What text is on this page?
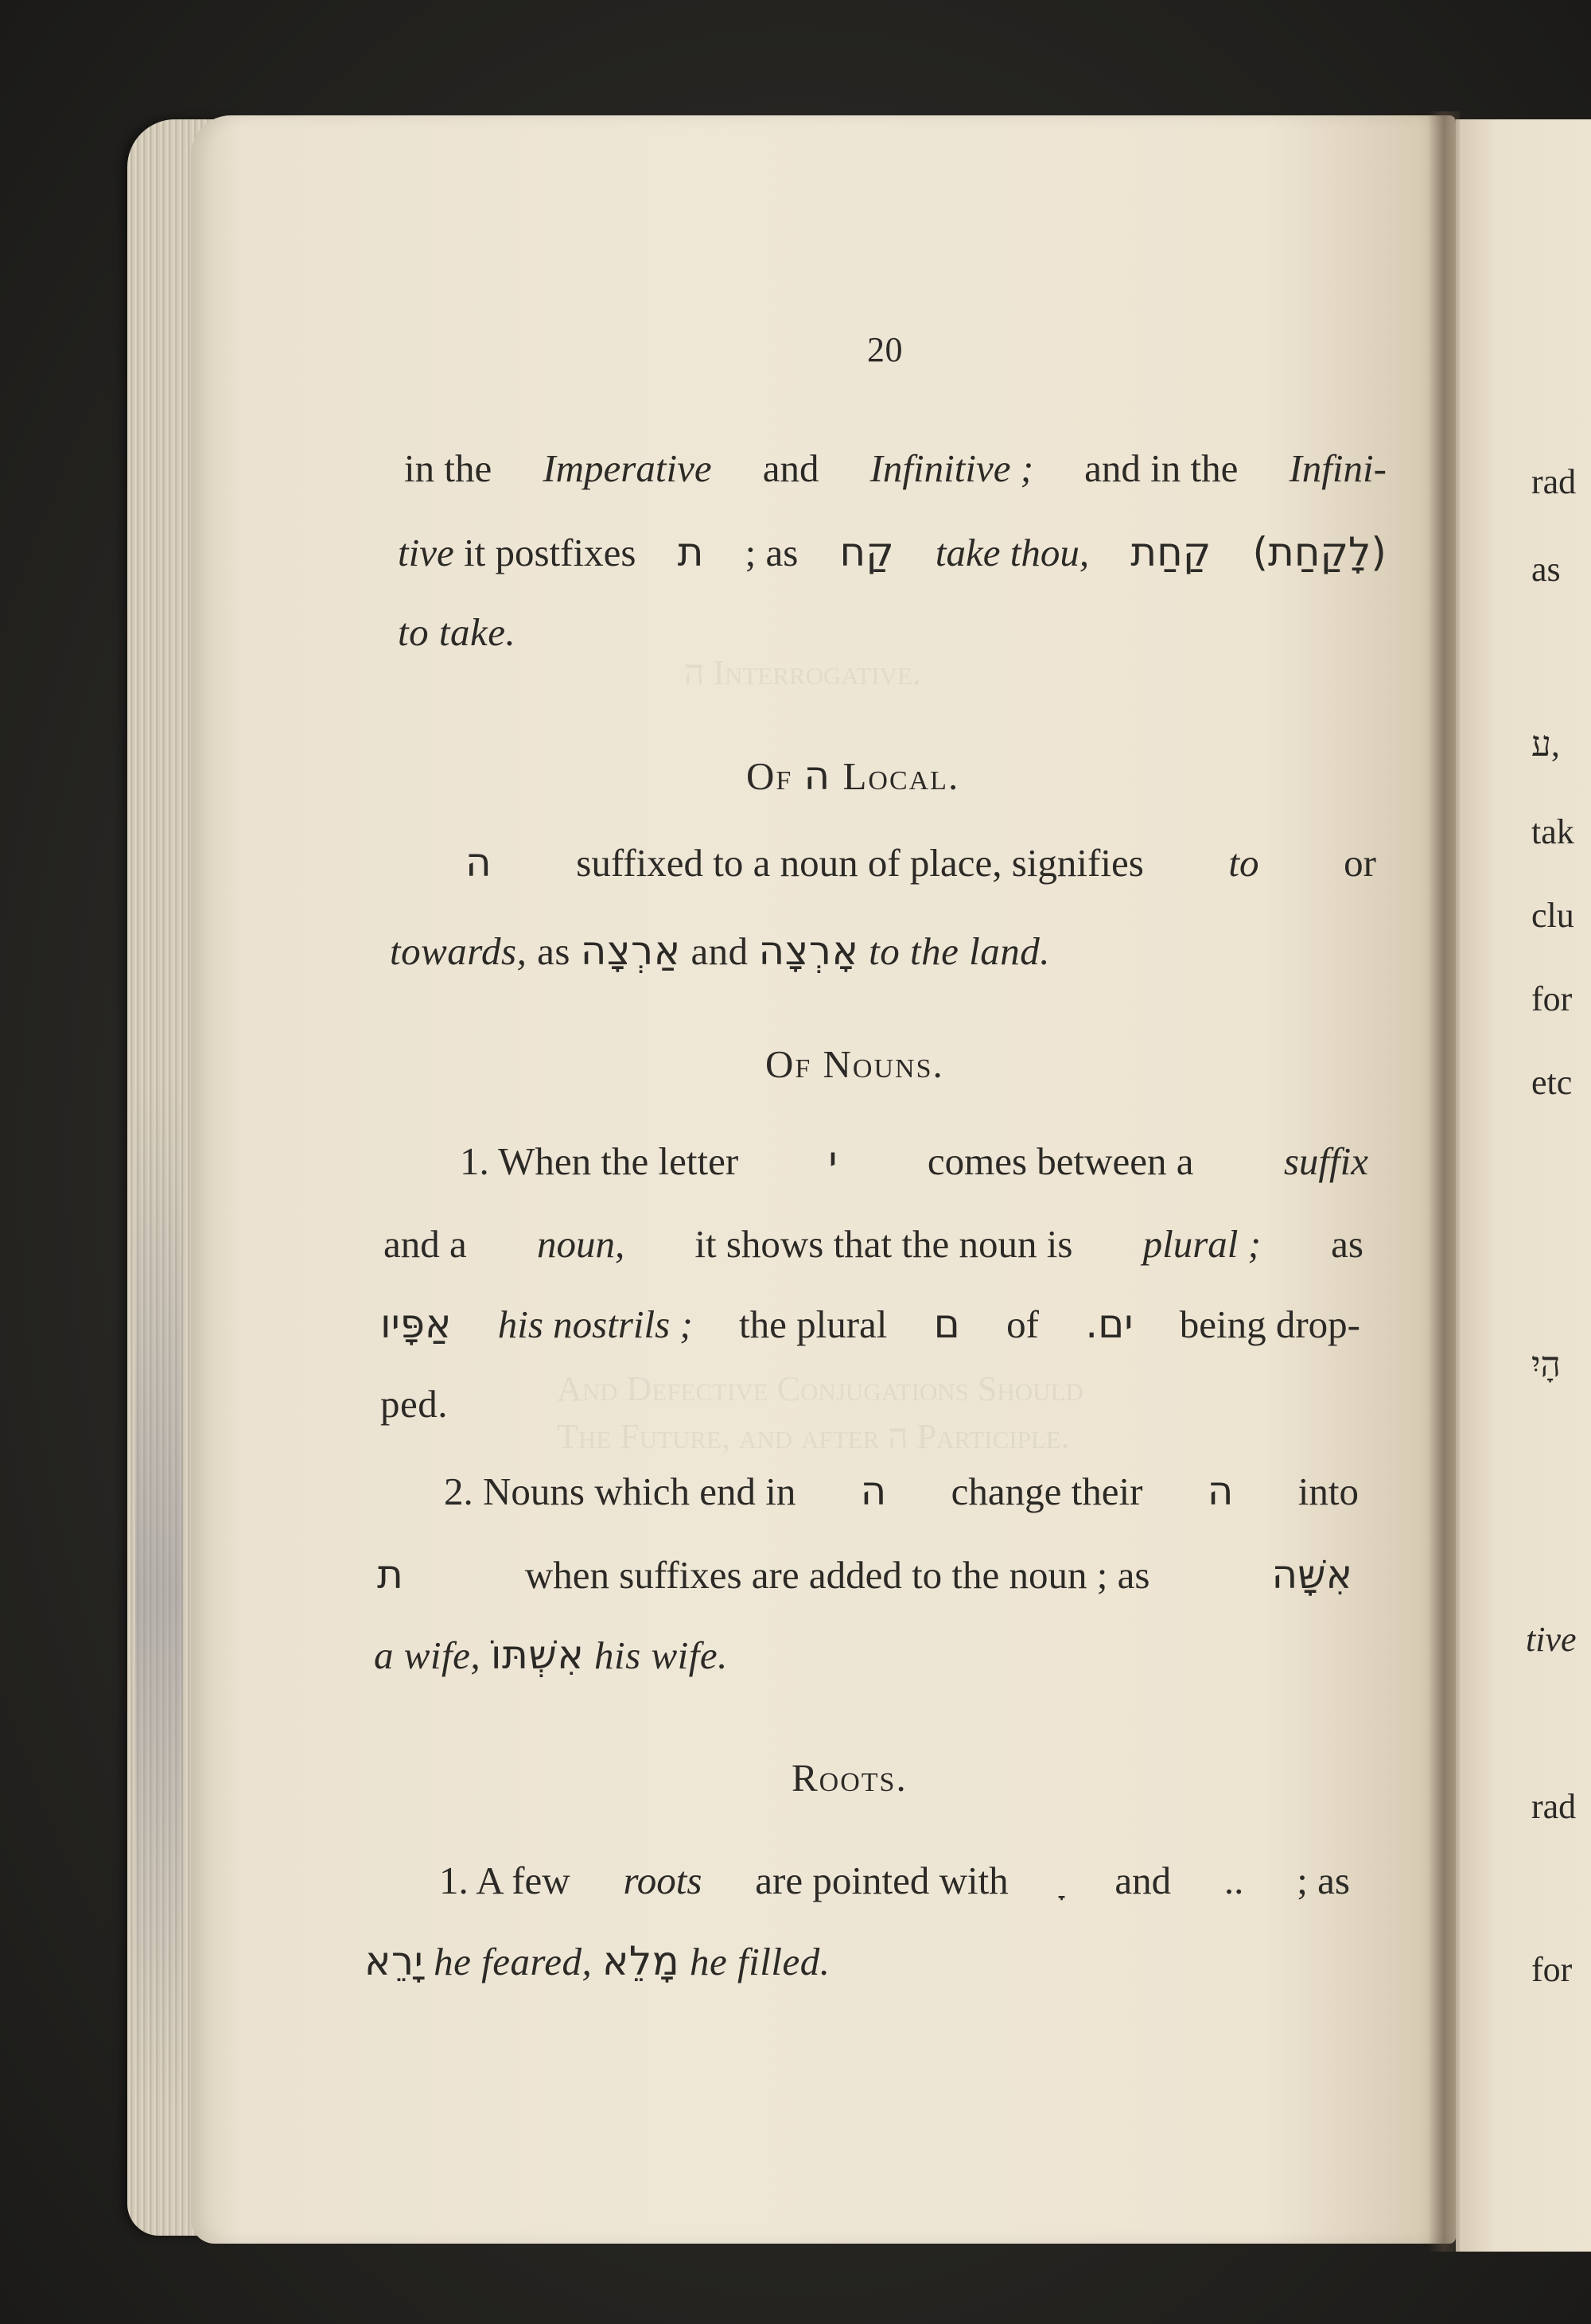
ה Interrogative.
And Defective Conjugations Should
The Future, and after ה Participle.
20
in the Imperative and Infinitive ; and in the Infini-
tive it postfixes ת ; as קַח take thou, קַחַת (לָקַחַת)
to take.
Of ה Local.
ה suffixed to a noun of place, signifies to or
towards, as אַרְצָה and אָרְצָה to the land.
Of Nouns.
1. When the letter י comes between a suffix
and a noun, it shows that the noun is plural ; as
אַפָּיו his nostrils ; the plural ם of ים. being drop-
ped.
2. Nouns which end in ה change their ה into
ת	when suffixes are added to the noun ; as	אִשָּׁה
a wife, אִשְׁתּוֹ his wife.
Roots.
1. A few roots are pointed with	and .. ; as
יָרֵא he feared, מָלֵא he filled.
rad
as
ע,
tak
clu
for
etc
הָיִ
tive
rad
for
